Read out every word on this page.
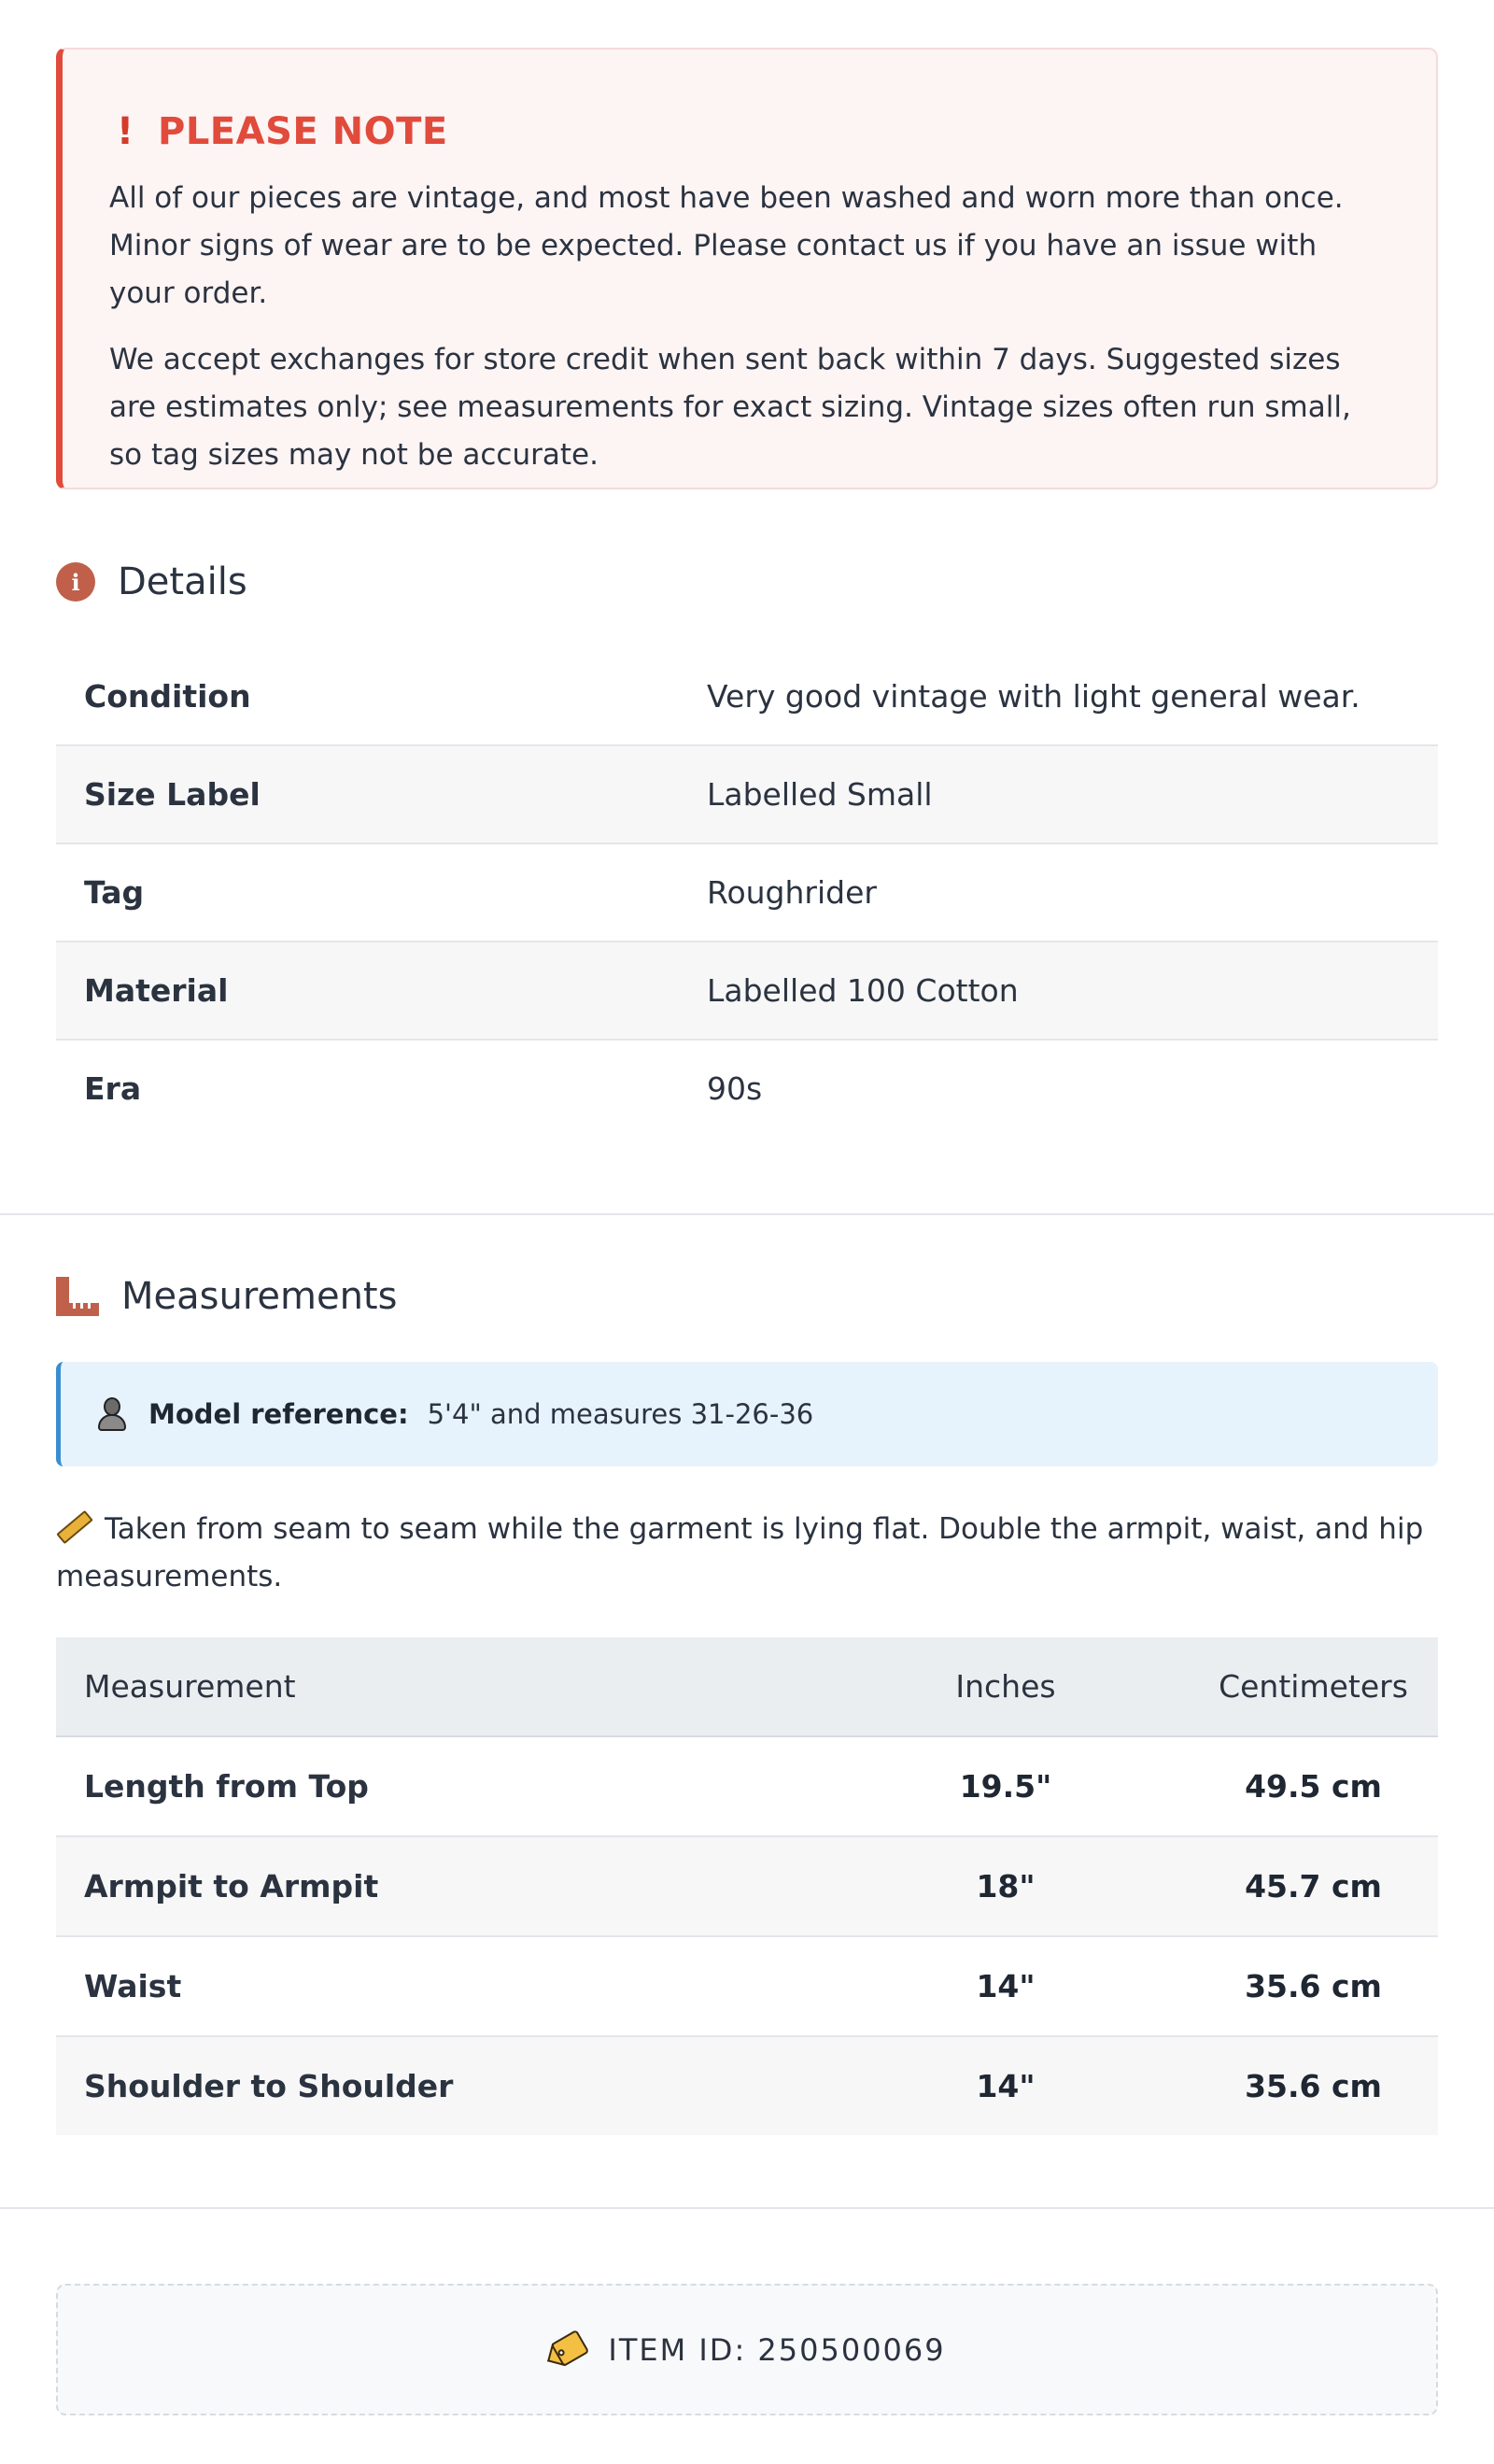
! PLEASE NOTE

All of our pieces are vintage, and most have been washed and worn more than once. Minor signs of wear are to be expected. Please contact us if you have an issue with your order.

We accept exchanges for store credit when sent back within 7 days. Suggested sizes are estimates only; see measurements for exact sizing. Vintage sizes often run small, so tag sizes may not be accurate.

i	Details
Condition	Very good vintage with light general wear.
Size Label	Labelled Small
Tag	Roughrider
Material	Labelled 100 Cotton
Era	90s
Measurements
Model reference: 5'4" and measures 31-26-36
Taken from seam to seam while the garment is lying flat. Double the armpit, waist, and hip measurements.
Measurement	Inches	Centimeters
Length from Top	19.5"	49.5 cm
Armpit to Armpit	18"	45.7 cm
Waist	14"	35.6 cm
Shoulder to Shoulder	14"	35.6 cm
ITEM ID: 250500069
